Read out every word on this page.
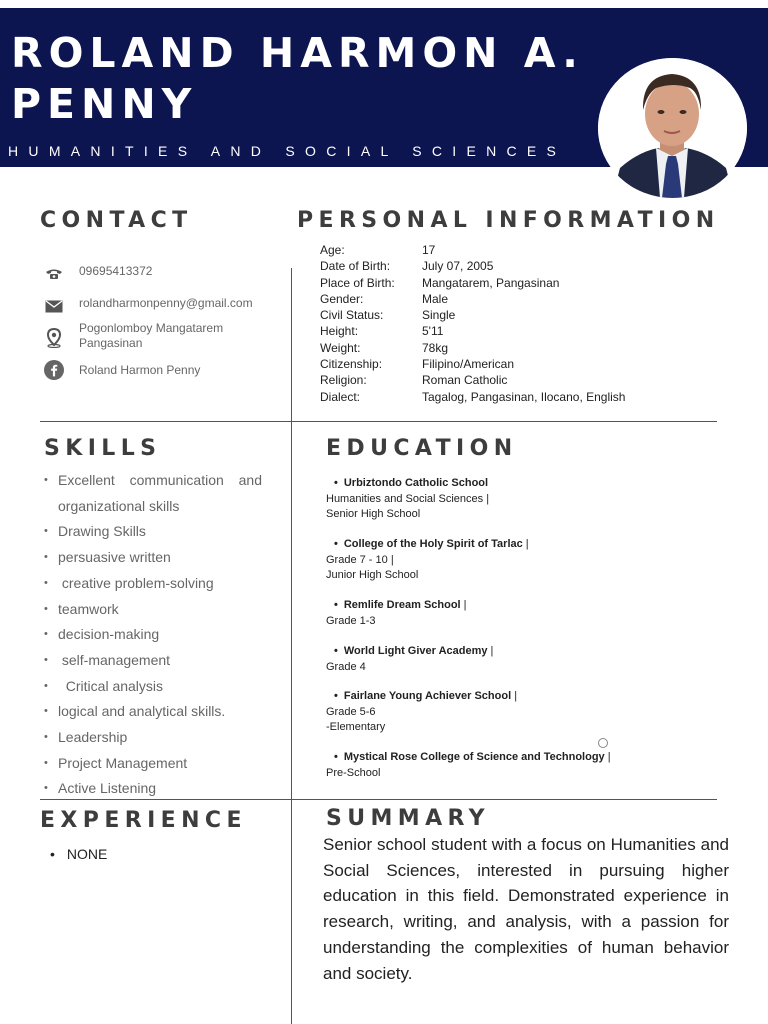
ROLAND HARMON A.
PENNY
HUMANITIES AND SOCIAL SCIENCES
CONTACT	PERSONAL INFORMATION
SKILLS	EDUCATION
EXPERIENCE	SUMMARY
09695413372
rolandharmonpenny@gmail.com
Pogonlomboy Mangatarem
Pangasinan
Roland Harmon Penny
Age:	17
Date of Birth:	July 07, 2005
Place of Birth:	Mangatarem, Pangasinan
Gender:	Male
Civil Status:	Single
Height:	5'11
Weight:	78kg
Citizenship:	Filipino/American
Religion:	Roman Catholic
Dialect:	Tagalog, Pangasinan, Ilocano, English
• Excellent communication and organizational skills
• Drawing Skills
• persuasive written
•  creative problem-solving
• teamwork
• decision-making
•  self-management
•   Critical analysis
• logical and analytical skills.
• Leadership
• Project Management
• Active Listening
• Urbiztondo Catholic School
Humanities and Social Sciences |
Senior High School
• College of the Holy Spirit of Tarlac |
Grade 7 - 10 |
Junior High School
• Remlife Dream School |
Grade 1-3
• World Light Giver Academy |
Grade 4
• Fairlane Young Achiever School |
Grade 5-6
-Elementary
• Mystical Rose College of Science and Technology |
Pre-School
• NONE	Senior school student with a focus on Humanities and Social Sciences, interested in pursuing higher education in this field. Demonstrated experience in research, writing, and analysis, with a passion for understanding the complexities of human behavior and society.
